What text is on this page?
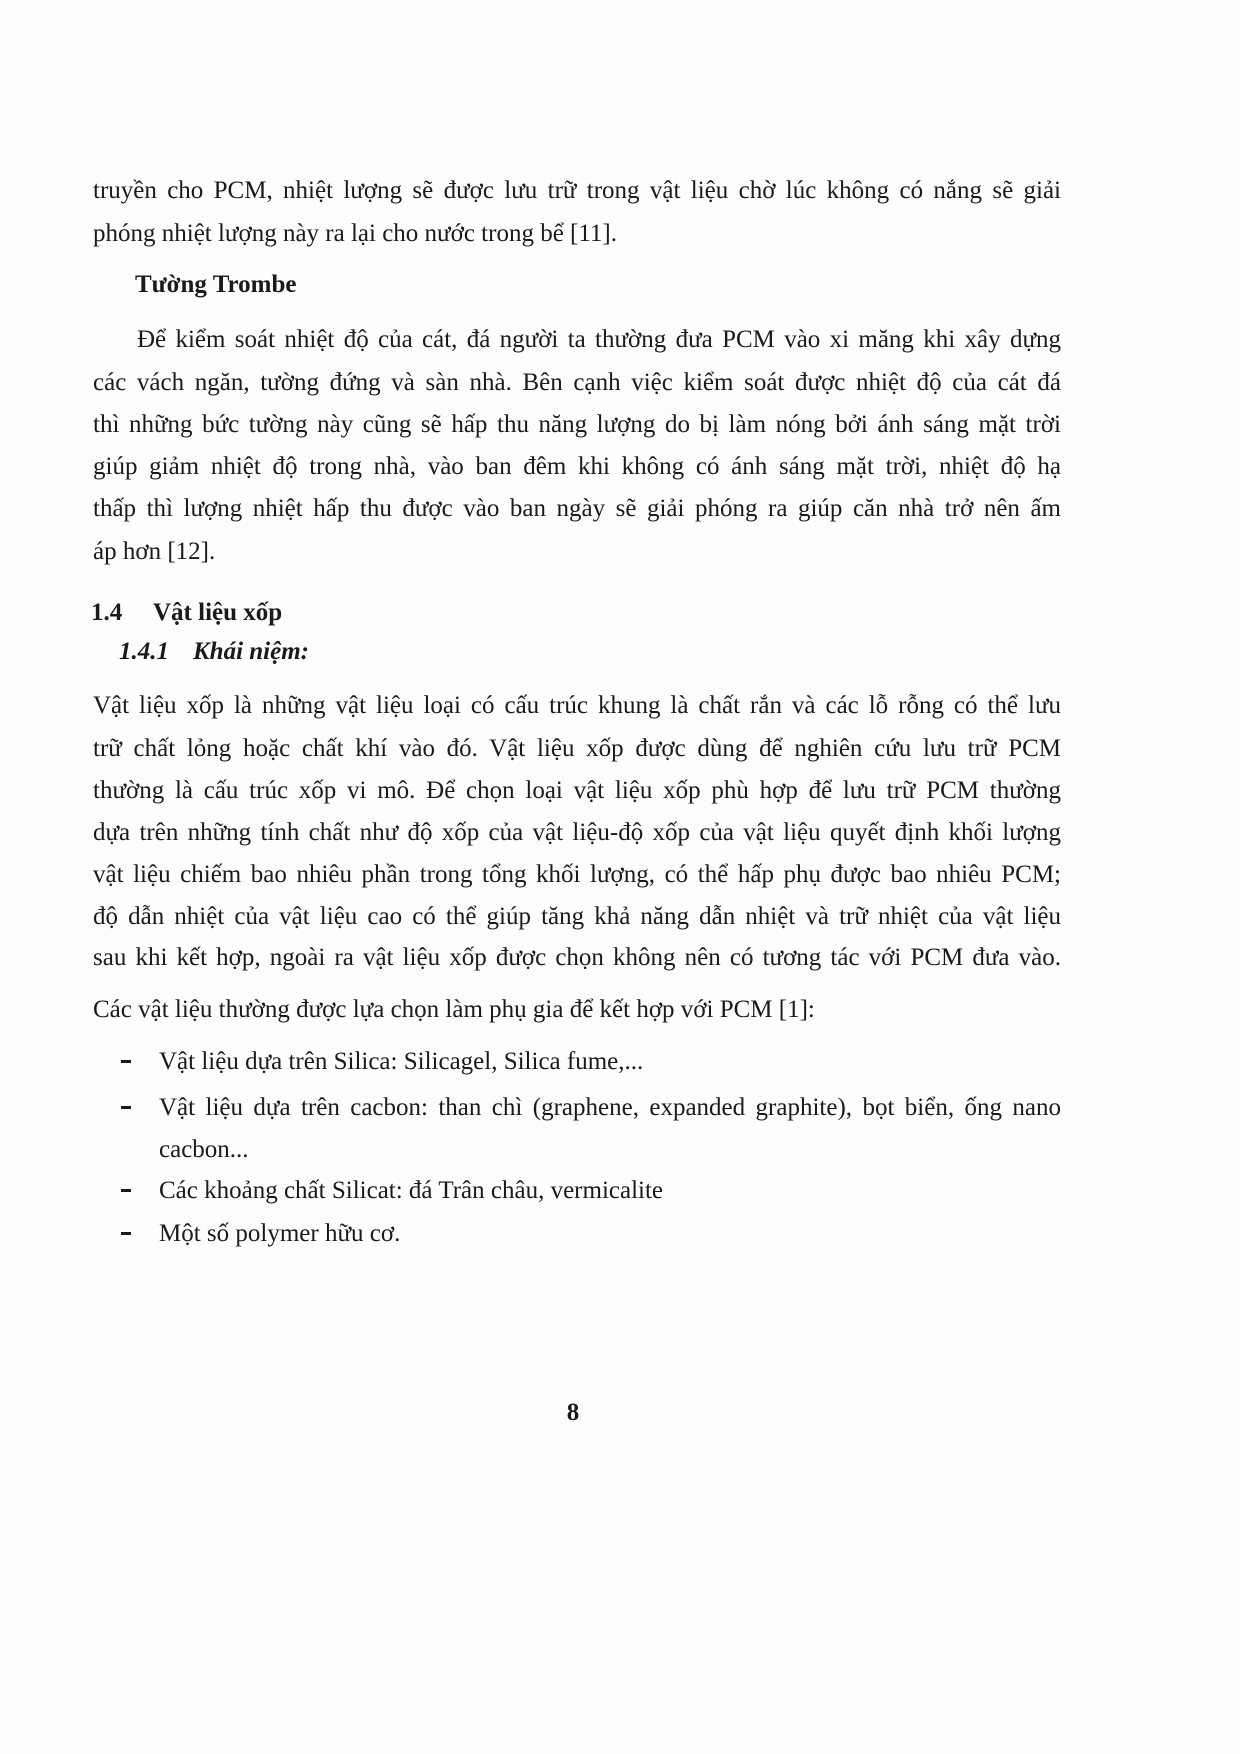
truyền cho PCM, nhiệt lượng sẽ được lưu trữ trong vật liệu chờ lúc không có nắng sẽ giải
phóng nhiệt lượng này ra lại cho nước trong bể [11].
Tường Trombe
Để kiểm soát nhiệt độ của cát, đá người ta thường đưa PCM vào xi măng khi xây dựng
các vách ngăn, tường đứng và sàn nhà. Bên cạnh việc kiểm soát được nhiệt độ của cát đá
thì những bức tường này cũng sẽ hấp thu năng lượng do bị làm nóng bởi ánh sáng mặt trời
giúp giảm nhiệt độ trong nhà, vào ban đêm khi không có ánh sáng mặt trời, nhiệt độ hạ
thấp thì lượng nhiệt hấp thu được vào ban ngày sẽ giải phóng ra giúp căn nhà trở nên ấm
áp hơn [12].
1.4 Vật liệu xốp
1.4.1 Khái niệm:
Vật liệu xốp là những vật liệu loại có cấu trúc khung là chất rắn và các lỗ rỗng có thể lưu
trữ chất lỏng hoặc chất khí vào đó. Vật liệu xốp được dùng để nghiên cứu lưu trữ PCM
thường là cấu trúc xốp vi mô. Để chọn loại vật liệu xốp phù hợp để lưu trữ PCM thường
dựa trên những tính chất như độ xốp của vật liệu-độ xốp của vật liệu quyết định khối lượng
vật liệu chiếm bao nhiêu phần trong tổng khối lượng, có thể hấp phụ được bao nhiêu PCM;
độ dẫn nhiệt của vật liệu cao có thể giúp tăng khả năng dẫn nhiệt và trữ nhiệt của vật liệu
sau khi kết hợp, ngoài ra vật liệu xốp được chọn không nên có tương tác với PCM đưa vào.
Các vật liệu thường được lựa chọn làm phụ gia để kết hợp với PCM [1]:
Vật liệu dựa trên Silica: Silicagel, Silica fume,...
Vật liệu dựa trên cacbon: than chì (graphene, expanded graphite), bọt biển, ống nano
cacbon...
Các khoảng chất Silicat: đá Trân châu, vermicalite
Một số polymer hữu cơ.
8
